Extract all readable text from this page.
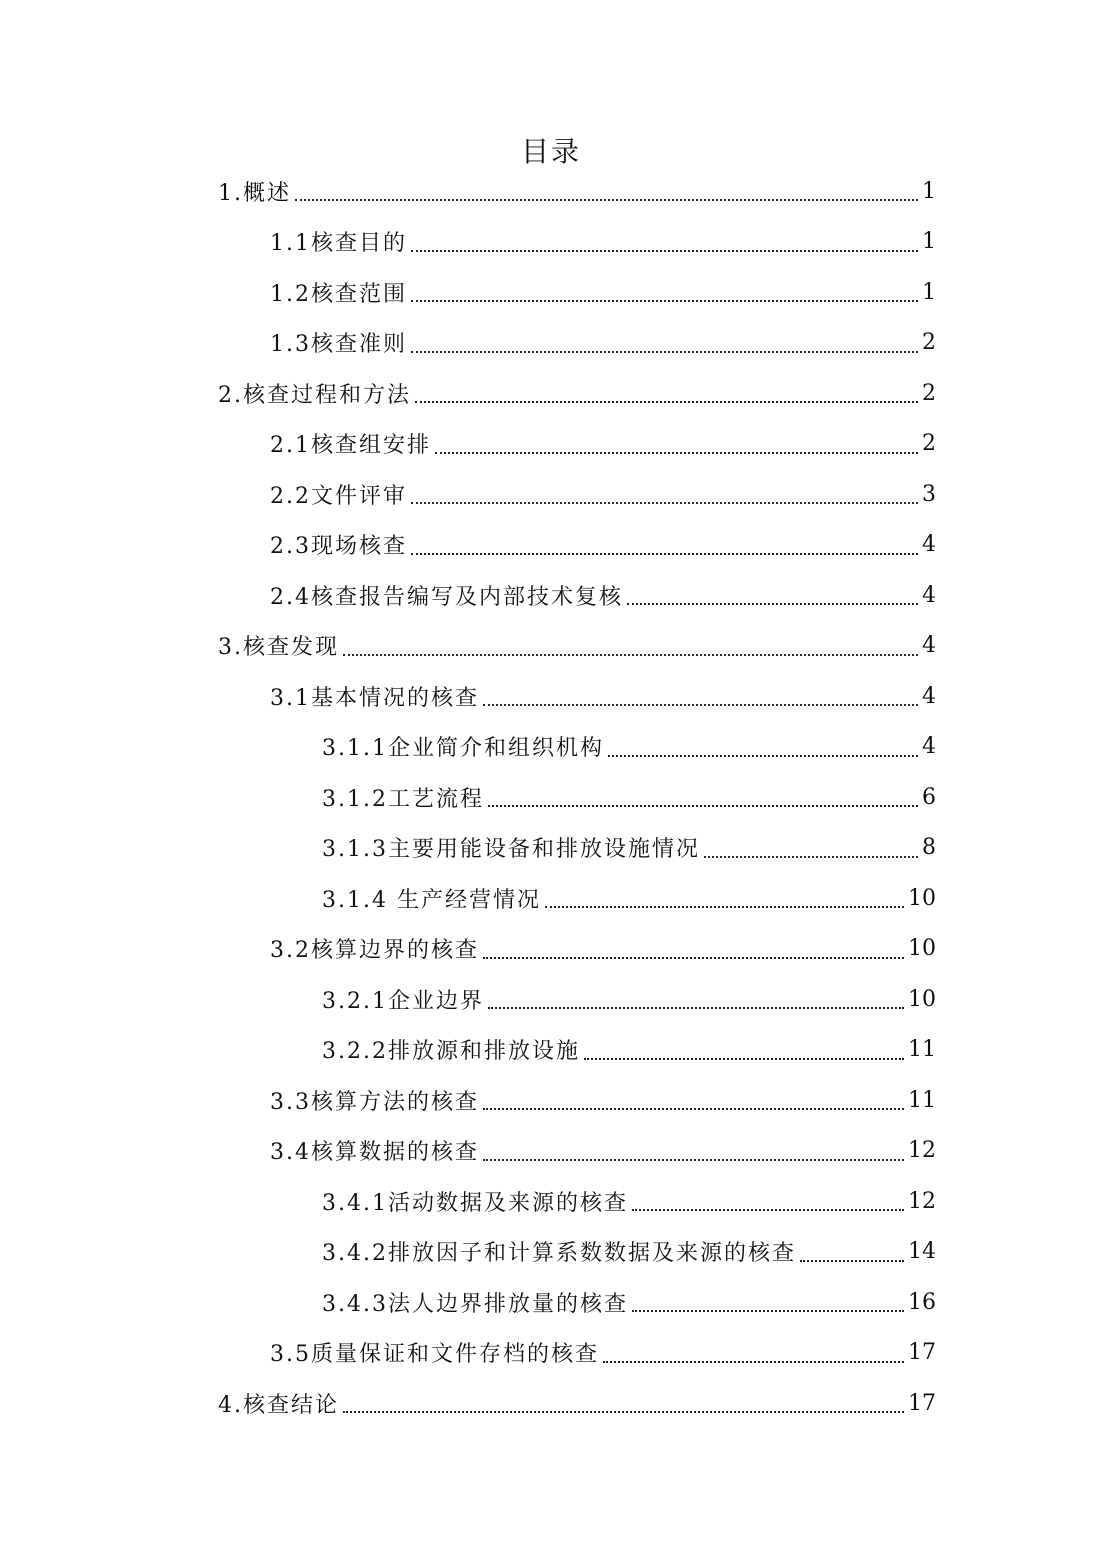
目录
1.概述	1
1.1核查目的	1
1.2核查范围	1
1.3核查准则	2
2.核查过程和方法	2
2.1核查组安排	2
2.2文件评审	3
2.3现场核查	4
2.4核查报告编写及内部技术复核	4
3.核查发现	4
3.1基本情况的核查	4
3.1.1企业简介和组织机构	4
3.1.2工艺流程	6
3.1.3主要用能设备和排放设施情况	8
3.1.4 生产经营情况	10
3.2核算边界的核查	10
3.2.1企业边界	10
3.2.2排放源和排放设施	11
3.3核算方法的核查	11
3.4核算数据的核查	12
3.4.1活动数据及来源的核查	12
3.4.2排放因子和计算系数数据及来源的核查	14
3.4.3法人边界排放量的核查	16
3.5质量保证和文件存档的核查	17
4.核查结论	17
